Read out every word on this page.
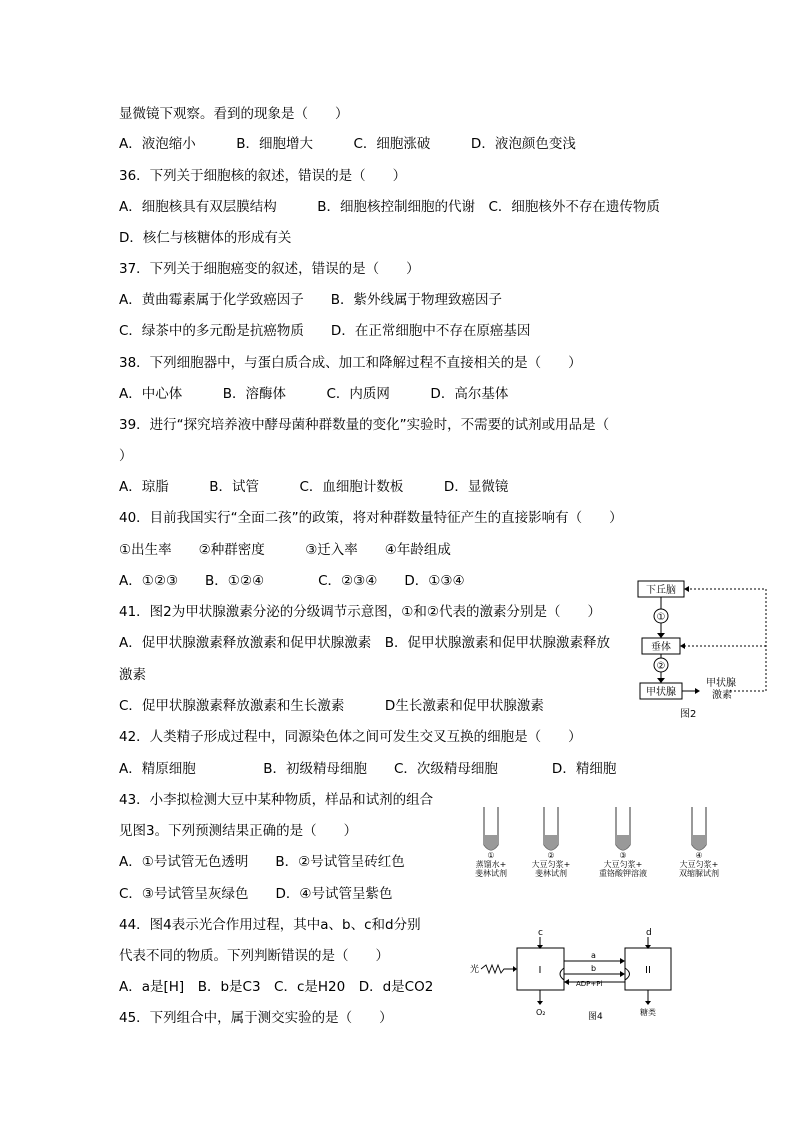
显微镜下观察。看到的现象是（　　）
A．液泡缩小　　　B．细胞增大　　　C．细胞涨破　　　D．液泡颜色变浅
36．下列关于细胞核的叙述，错误的是（　　）
A．细胞核具有双层膜结构　　　B．细胞核控制细胞的代谢　C．细胞核外不存在遗传物质
D．核仁与核糖体的形成有关
37．下列关于细胞癌变的叙述，错误的是（　　）
A．黄曲霉素属于化学致癌因子　　B．紫外线属于物理致癌因子
C．绿茶中的多元酚是抗癌物质　　D．在正常细胞中不存在原癌基因
38．下列细胞器中，与蛋白质合成、加工和降解过程不直接相关的是（　　）
A．中心体　　　B．溶酶体　　　C．内质网　　　D．高尔基体
39．进行“探究培养液中酵母菌种群数量的变化”实验时，不需要的试剂或用品是（
）
A．琼脂　　　B．试管　　　C．血细胞计数板　　　D．显微镜
40．目前我国实行“全面二孩”的政策，将对种群数量特征产生的直接影响有（　　）
①出生率　　②种群密度　　　③迁入率　　④年龄组成
A．①②③　　B．①②④　　　　C．②③④　　D．①③④
41．图2为甲状腺激素分泌的分级调节示意图，①和②代表的激素分别是（　　）
A．促甲状腺激素释放激素和促甲状腺激素　B．促甲状腺激素和促甲状腺激素释放
激素
C．促甲状腺激素释放激素和生长激素　　　D生长激素和促甲状腺激素
42．人类精子形成过程中，同源染色体之间可发生交叉互换的细胞是（　　）
A．精原细胞　　　　　B．初级精母细胞　　C．次级精母细胞　　　　D．精细胞
43．小李拟检测大豆中某种物质，样品和试剂的组合
见图3。下列预测结果正确的是（　　）
A．①号试管无色透明　　B．②号试管呈砖红色
C．③号试管呈灰绿色　　D．④号试管呈紫色
44．图4表示光合作用过程，其中a、b、c和d分别
代表不同的物质。下列判断错误的是（　　）
A．a是[H]　B．b是C3　C．c是H20　D．d是CO2
45．下列组合中，属于测交实验的是（　　）
下丘脑
①
垂体
②
甲状腺
甲状腺
激素
图2
①
蒸馏水+
斐林试剂
②
大豆匀浆+
斐林试剂
③
大豆匀浆+
重铬酸钾溶液
④
大豆匀浆+
双缩脲试剂
光	I
c
II
d
a
b
ADP+Pi
O₂	糖类
图4
